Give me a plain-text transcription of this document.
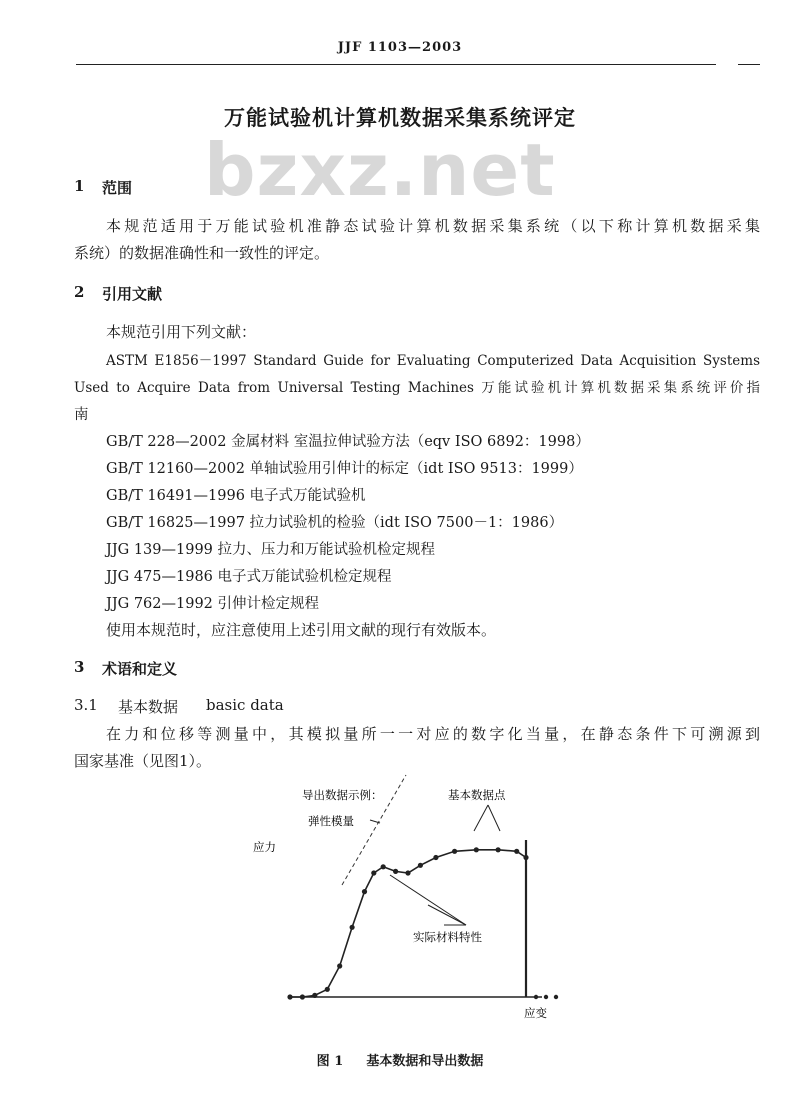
JJF 1103—2003
bzxz.net
万能试验机计算机数据采集系统评定
1 范围
本规范适用于万能试验机准静态试验计算机数据采集系统（以下称计算机数据采集
系统）的数据准确性和一致性的评定。
2 引用文献
本规范引用下列文献：
ASTM E1856－1997 Standard Guide for Evaluating Computerized Data Acquisition Systems
Used to Acquire Data from Universal Testing Machines 万能试验机计算机数据采集系统评价指
南
GB/T 228—2002 金属材料 室温拉伸试验方法（eqv ISO 6892：1998）
GB/T 12160—2002 单轴试验用引伸计的标定（idt ISO 9513：1999）
GB/T 16491—1996 电子式万能试验机
GB/T 16825—1997 拉力试验机的检验（idt ISO 7500－1：1986）
JJG 139—1999 拉力、压力和万能试验机检定规程
JJG 475—1986 电子式万能试验机检定规程
JJG 762—1992 引伸计检定规程
使用本规范时，应注意使用上述引用文献的现行有效版本。
3 术语和定义
3.1 基本数据 basic data
在力和位移等测量中，其模拟量所一一对应的数字化当量，在静态条件下可溯源到
国家基准（见图1）。
导出数据示例：
弹性模量
基本数据点
实际材料特性
应力
应变
图 1 基本数据和导出数据
